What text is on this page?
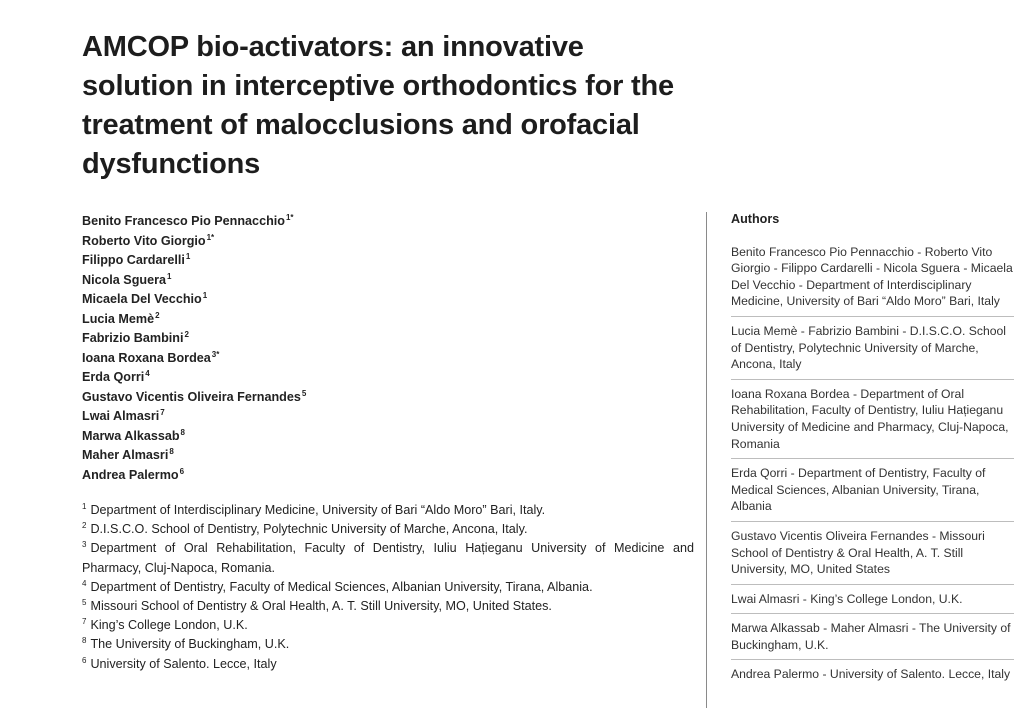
AMCOP bio-activators: an innovative solution in interceptive orthodontics for the treatment of malocclusions and orofacial dysfunctions
Benito Francesco Pio Pennacchio$^{1*}$
Roberto Vito Giorgio$^{1*}$
Filippo Cardarelli$^1$
Nicola Sguera$^1$
Micaela Del Vecchio$^1$
Lucia Memè$^2$
Fabrizio Bambini$^2$
Ioana Roxana Bordea$^{3*}$
Erda Qorri$^4$
Gustavo Vicentis Oliveira Fernandes$^5$
Lwai Almasri$^7$
Marwa Alkassab$^8$
Maher Almasri$^8$
Andrea Palermo$^6$
$^1$ Department of Interdisciplinary Medicine, University of Bari “Aldo Moro” Bari, Italy.
$^2$ D.I.S.C.O. School of Dentistry, Polytechnic University of Marche, Ancona, Italy.
$^3$ Department of Oral Rehabilitation, Faculty of Dentistry, Iuliu Hațieganu University of Medicine and Pharmacy, Cluj-Napoca, Romania.
$^4$ Department of Dentistry, Faculty of Medical Sciences, Albanian University, Tirana, Albania.
$^5$ Missouri School of Dentistry & Oral Health, A. T. Still University, MO, United States.
$^7$ King’s College London, U.K.
$^8$ The University of Buckingham, U.K.
$^6$ University of Salento. Lecce, Italy
Authors
Benito Francesco Pio Pennacchio - Roberto Vito Giorgio - Filippo Cardarelli - Nicola Sguera - Micaela Del Vecchio - Department of Interdisciplinary Medicine, University of Bari “Aldo Moro” Bari, Italy
Lucia Memè - Fabrizio Bambini - D.I.S.C.O. School of Dentistry, Polytechnic University of Marche, Ancona, Italy
Ioana Roxana Bordea - Department of Oral Rehabilitation, Faculty of Dentistry, Iuliu Hațieganu University of Medicine and Pharmacy, Cluj-Napoca, Romania
Erda Qorri - Department of Dentistry, Faculty of Medical Sciences, Albanian University, Tirana, Albania
Gustavo Vicentis Oliveira Fernandes - Missouri School of Dentistry & Oral Health, A. T. Still University, MO, United States
Lwai Almasri - King’s College London, U.K.
Marwa Alkassab - Maher Almasri - The University of Buckingham, U.K.
Andrea Palermo - University of Salento. Lecce, Italy
